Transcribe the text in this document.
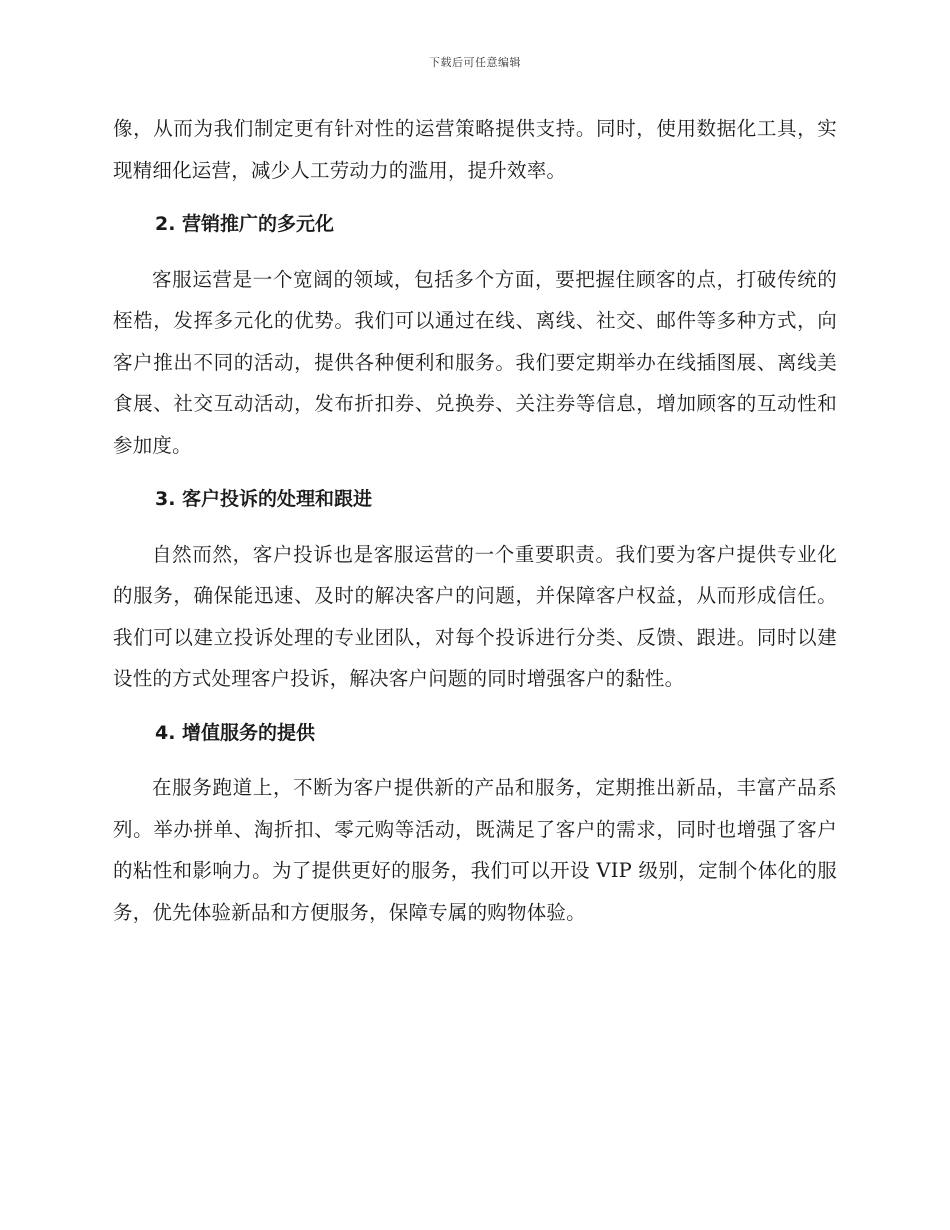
下载后可任意编辑

像，从而为我们制定更有针对性的运营策略提供支持。同时，使用数据化工具，实现精细化运营，减少人工劳动力的滥用，提升效率。

2. 营销推广的多元化

客服运营是一个宽阔的领域，包括多个方面，要把握住顾客的点，打破传统的桎梏，发挥多元化的优势。我们可以通过在线、离线、社交、邮件等多种方式，向客户推出不同的活动，提供各种便利和服务。我们要定期举办在线插图展、离线美食展、社交互动活动，发布折扣券、兑换券、关注券等信息，增加顾客的互动性和参加度。

3. 客户投诉的处理和跟进

自然而然，客户投诉也是客服运营的一个重要职责。我们要为客户提供专业化的服务，确保能迅速、及时的解决客户的问题，并保障客户权益，从而形成信任。 我们可以建立投诉处理的专业团队，对每个投诉进行分类、反馈、跟进。同时以建设性的方式处理客户投诉，解决客户问题的同时增强客户的黏性。

4. 增值服务的提供

在服务跑道上，不断为客户提供新的产品和服务，定期推出新品，丰富产品系列。举办拼单、淘折扣、零元购等活动，既满足了客户的需求，同时也增强了客户的粘性和影响力。为了提供更好的服务，我们可以开设 VIP 级别，定制个体化的服务，优先体验新品和方便服务，保障专属的购物体验。
